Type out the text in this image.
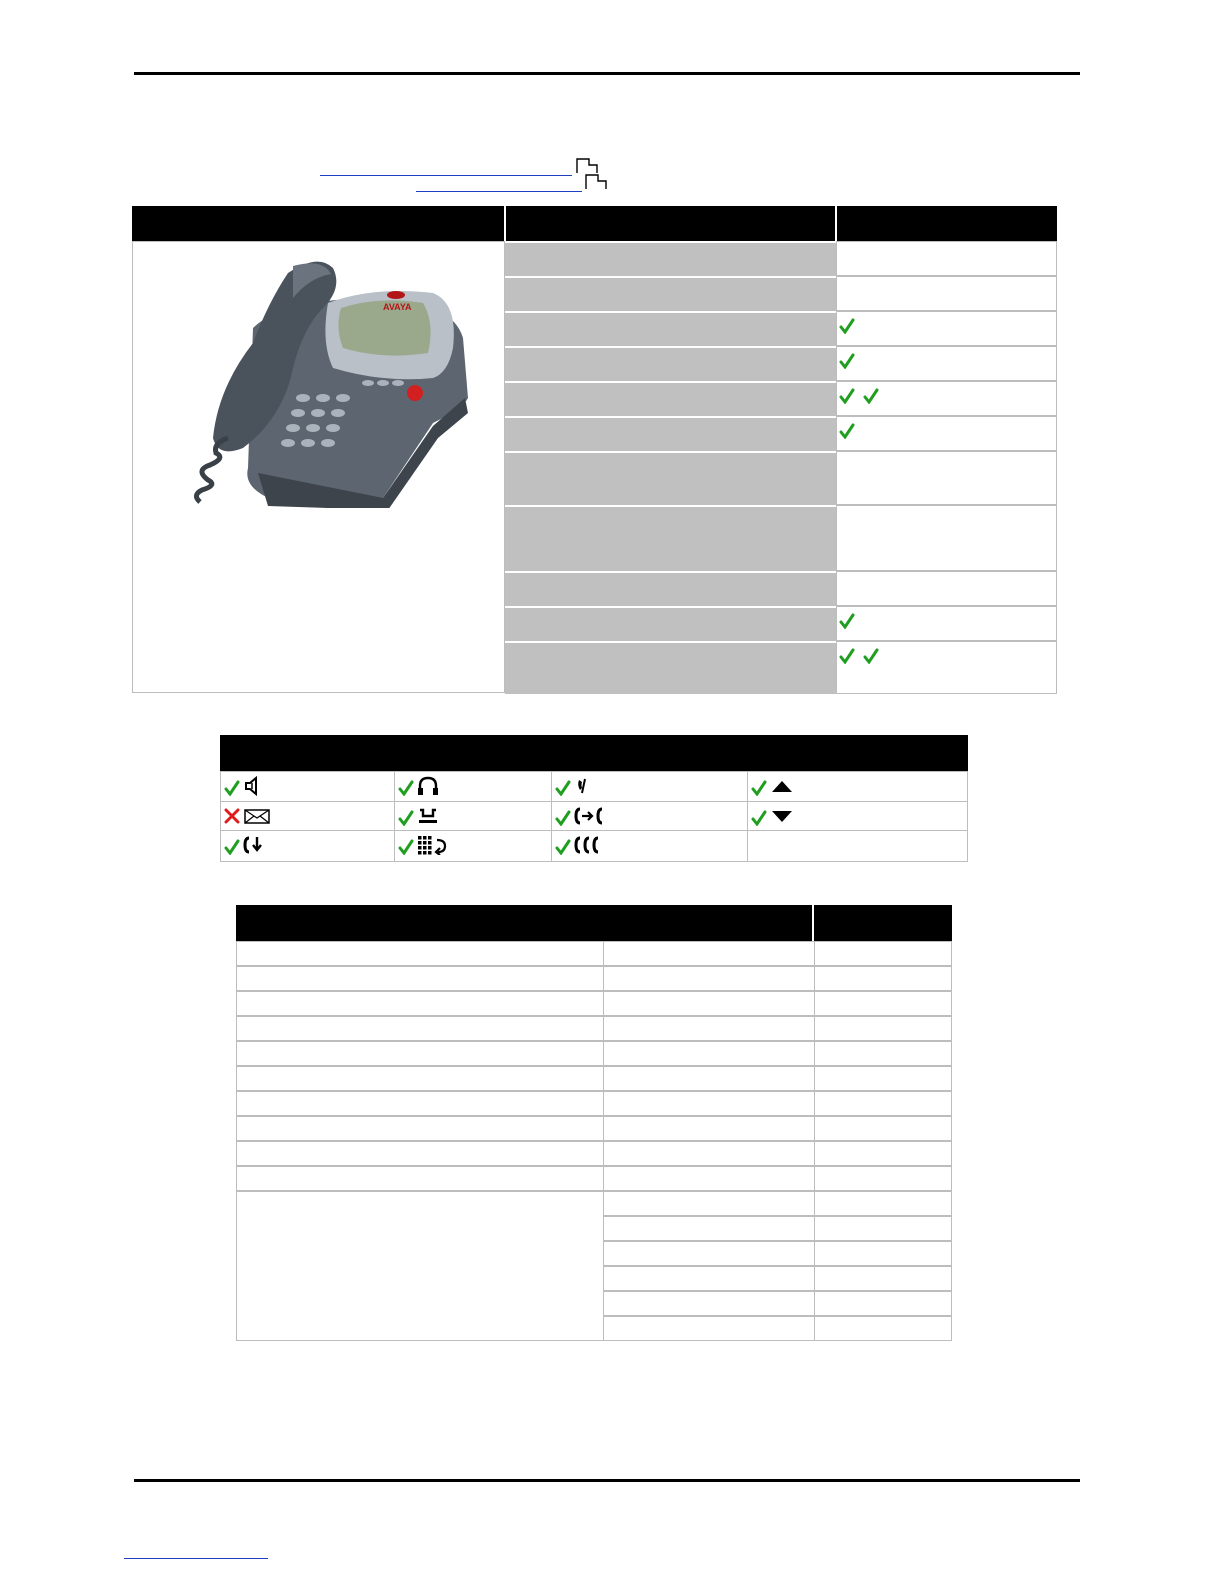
AVAYA
